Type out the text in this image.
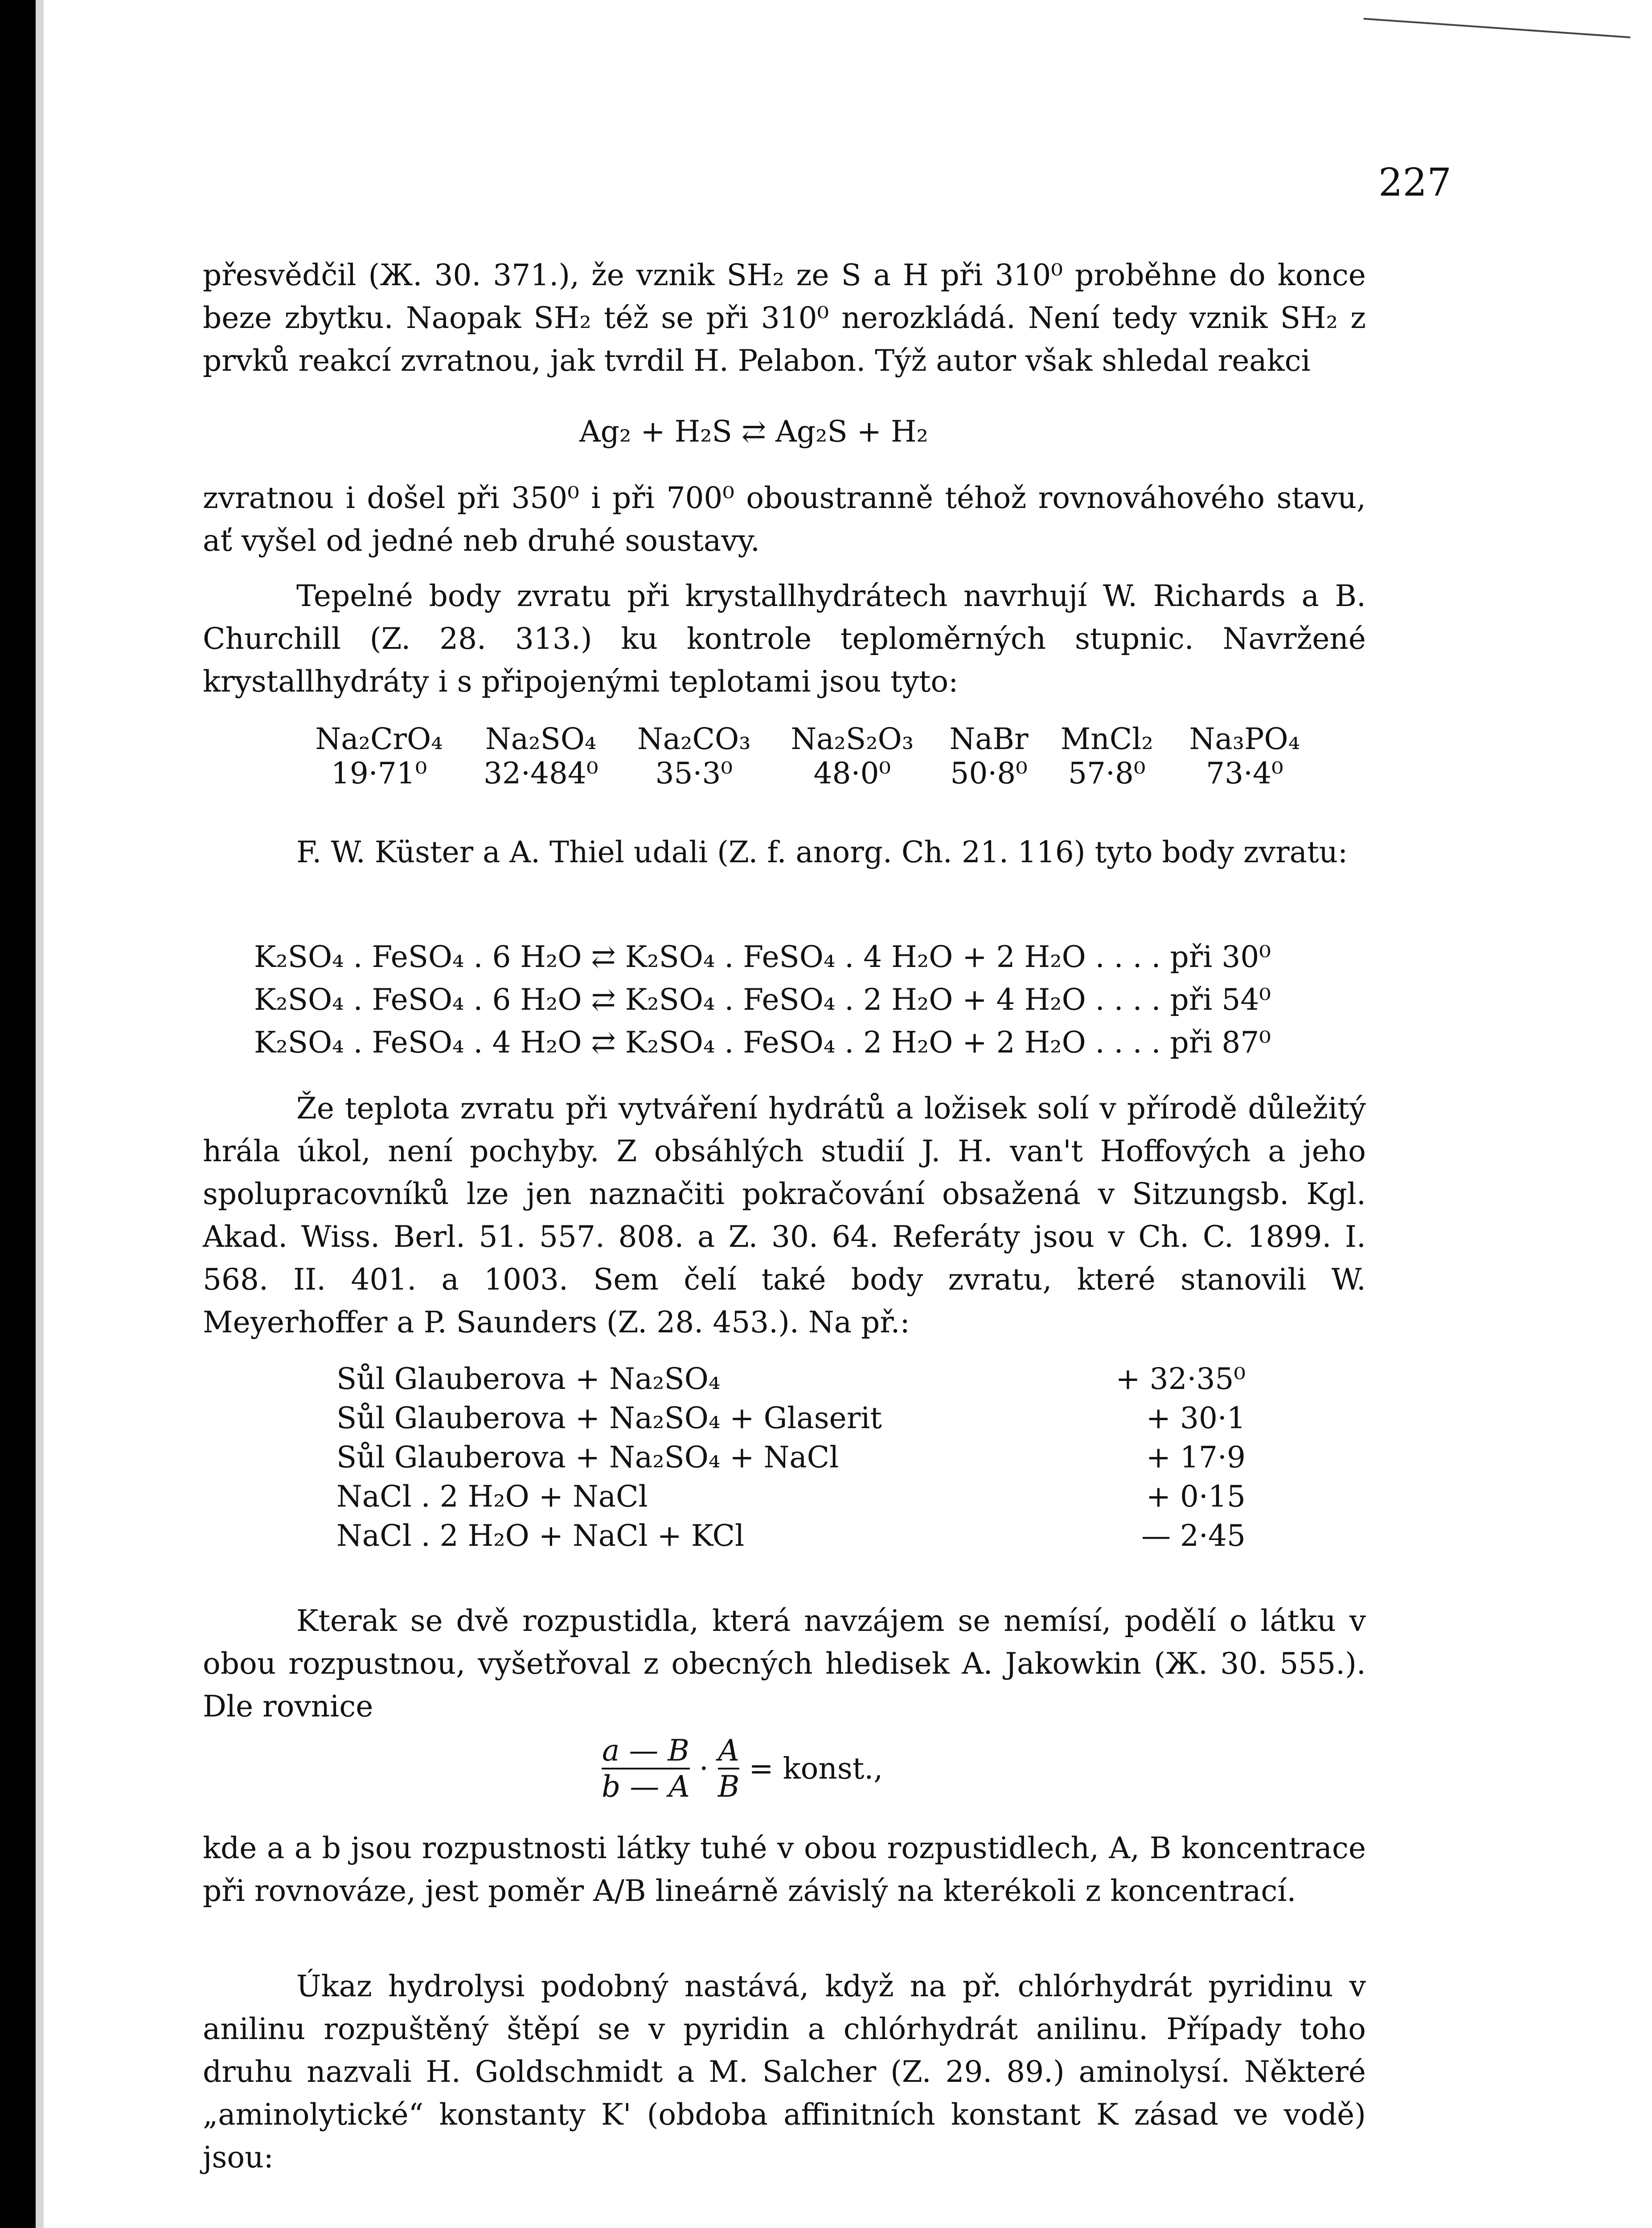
227

přesvědčil (Ж. 30. 371.), že vznik SH₂ ze S a H při 310⁰ proběhne do konce beze zbytku. Naopak SH₂ též se při 310⁰ nerozkládá. Není tedy vznik SH₂ z prvků reakcí zvratnou, jak tvrdil H. Pelabon. Týž autor však shledal reakci

Ag₂ + H₂S ⇄ Ag₂S + H₂

zvratnou i došel při 350⁰ i při 700⁰ oboustranně téhož rovnováhového stavu, ať vyšel od jedné neb druhé soustavy.

Tepelné body zvratu při krystallhydrátech navrhují W. Richards a B. Churchill (Z. 28. 313.) ku kontrole teploměrných stupnic. Navržené krystallhydráty i s připojenými teplotami jsou tyto:

Na₂CrO₄	Na₂SO₄	Na₂CO₃	Na₂S₂O₃	NaBr	MnCl₂	Na₃PO₄
19·71⁰	32·484⁰	35·3⁰	48·0⁰	50·8⁰	57·8⁰	73·4⁰

F. W. Küster a A. Thiel udali (Z. f. anorg. Ch. 21. 116) tyto body zvratu:

K₂SO₄ . FeSO₄ . 6 H₂O ⇄ K₂SO₄ . FeSO₄ . 4 H₂O + 2 H₂O . . . . při 30⁰
K₂SO₄ . FeSO₄ . 6 H₂O ⇄ K₂SO₄ . FeSO₄ . 2 H₂O + 4 H₂O . . . . při 54⁰
K₂SO₄ . FeSO₄ . 4 H₂O ⇄ K₂SO₄ . FeSO₄ . 2 H₂O + 2 H₂O . . . . při 87⁰

Že teplota zvratu při vytváření hydrátů a ložisek solí v přírodě důležitý hrála úkol, není pochyby. Z obsáhlých studií J. H. van't Hoffových a jeho spolupracovníků lze jen naznačiti pokračování obsažená v Sitzungsb. Kgl. Akad. Wiss. Berl. 51. 557. 808. a Z. 30. 64. Referáty jsou v Ch. C. 1899. I. 568. II. 401. a 1003. Sem čelí také body zvratu, které stanovili W. Meyerhoffer a P. Saunders (Z. 28. 453.). Na př.:

Sůl Glauberova + Na₂SO₄	+ 32·35⁰
Sůl Glauberova + Na₂SO₄ + Glaserit	+ 30·1
Sůl Glauberova + Na₂SO₄ + NaCl	+ 17·9
NaCl . 2 H₂O + NaCl	+ 0·15
NaCl . 2 H₂O + NaCl + KCl	— 2·45

Kterak se dvě rozpustidla, která navzájem se nemísí, podělí o látku v obou rozpustnou, vyšetřoval z obecných hledisek A. Jakowkin (Ж. 30. 555.). Dle rovnice

$\frac{a — B}{b — A} \cdot \frac{A}{B}$ = konst.,

kde a a b jsou rozpustnosti látky tuhé v obou rozpustidlech, A, B koncentrace při rovnováze, jest poměr A/B lineárně závislý na kterékoli z koncentrací.

Úkaz hydrolysi podobný nastává, když na př. chlórhydrát pyridinu v anilinu rozpuštěný štěpí se v pyridin a chlórhydrát anilinu. Případy toho druhu nazvali H. Goldschmidt a M. Salcher (Z. 29. 89.) aminolysí. Některé „aminolytické“ konstanty K' (obdoba affinitních konstant K zásad ve vodě) jsou:
